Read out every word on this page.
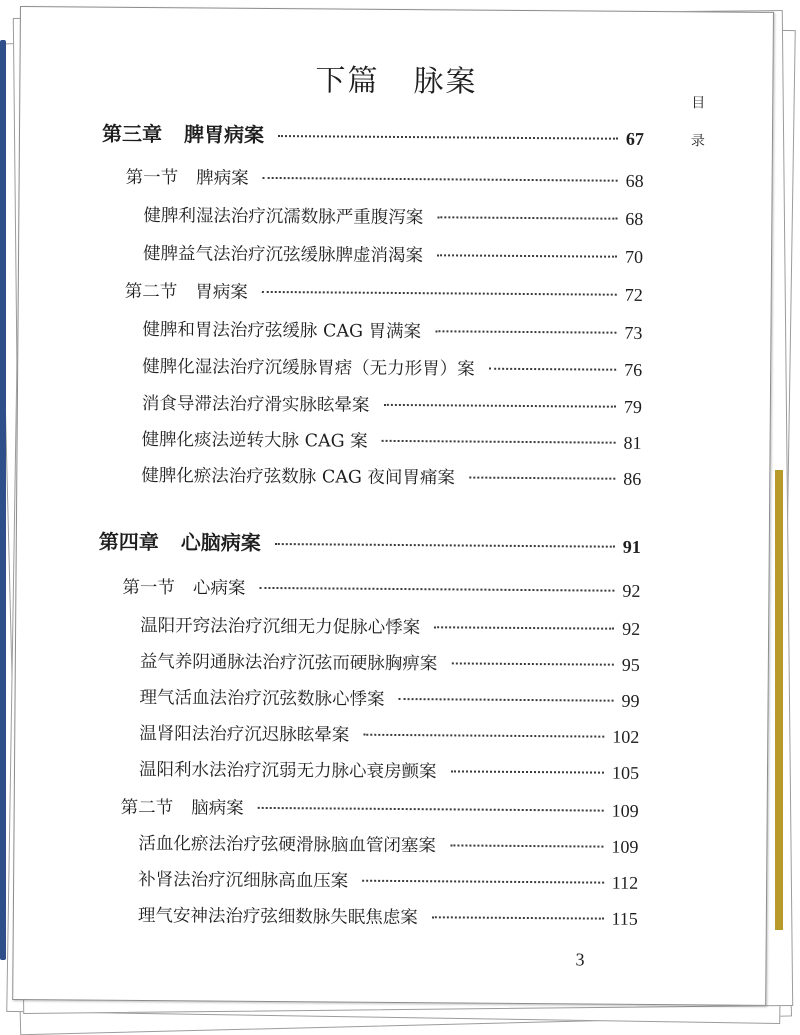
下篇 脉案
目
录
第三章 脾胃病案	67
第一节 脾病案	68
健脾利湿法治疗沉濡数脉严重腹泻案	68
健脾益气法治疗沉弦缓脉脾虚消渴案	70
第二节 胃病案	72
健脾和胃法治疗弦缓脉 CAG 胃满案	73
健脾化湿法治疗沉缓脉胃痞（无力形胃）案	76
消食导滞法治疗滑实脉眩晕案	79
健脾化痰法逆转大脉 CAG 案	81
健脾化瘀法治疗弦数脉 CAG 夜间胃痛案	86
第四章 心脑病案	91
第一节 心病案	92
温阳开窍法治疗沉细无力促脉心悸案	92
益气养阴通脉法治疗沉弦而硬脉胸痹案	95
理气活血法治疗沉弦数脉心悸案	99
温肾阳法治疗沉迟脉眩晕案	102
温阳利水法治疗沉弱无力脉心衰房颤案	105
第二节 脑病案	109
活血化瘀法治疗弦硬滑脉脑血管闭塞案	109
补肾法治疗沉细脉高血压案	112
理气安神法治疗弦细数脉失眠焦虑案	115
3
